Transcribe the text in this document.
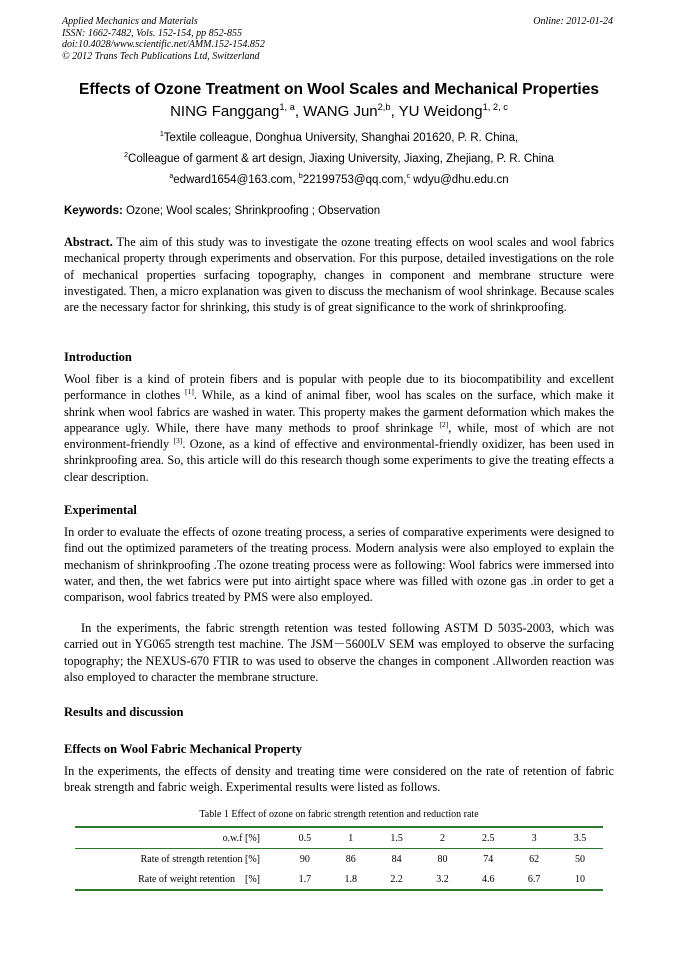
Applied Mechanics and Materials
ISSN: 1662-7482, Vols. 152-154, pp 852-855
doi:10.4028/www.scientific.net/AMM.152-154.852
© 2012 Trans Tech Publications Ltd, Switzerland
Online: 2012-01-24
Effects of Ozone Treatment on Wool Scales and Mechanical Properties
NING Fanggang$^{1, a}$, WANG Jun$^{2,b}$, YU Weidong$^{1, 2, c}$
$^1$Textile colleague, Donghua University, Shanghai 201620, P. R. China,
$^2$Colleague of garment & art design, Jiaxing University, Jiaxing, Zhejiang, P. R. China
$^a$edward1654@163.com, $^b$22199753@qq.com,$^c$ wdyu@dhu.edu.cn
Keywords: Ozone; Wool scales; Shrinkproofing ; Observation

Abstract. The aim of this study was to investigate the ozone treating effects on wool scales and wool fabrics mechanical property through experiments and observation. For this purpose, detailed investigations on the role of mechanical properties surfacing topography, changes in component and membrane structure were investigated. Then, a micro explanation was given to discuss the mechanism of wool shrinkage. Because scales are the necessary factor for shrinking, this study is of great significance to the work of shrinkproofing.

Introduction

Wool fiber is a kind of protein fibers and is popular with people due to its biocompatibility and excellent performance in clothes [1]. While, as a kind of animal fiber, wool has scales on the surface, which make it shrink when wool fabrics are washed in water. This property makes the garment deformation which makes the appearance ugly. While, there have many methods to proof shrinkage [2], while, most of which are not environment-friendly [3]. Ozone, as a kind of effective and environmental-friendly oxidizer, has been used in shrinkproofing area. So, this article will do this research though some experiments to give the treating effects a clear description.

Experimental

In order to evaluate the effects of ozone treating process, a series of comparative experiments were designed to find out the optimized parameters of the treating process. Modern analysis were also employed to explain the mechanism of shrinkproofing .The ozone treating process were as following: Wool fabrics were immersed into water, and then, the wet fabrics were put into airtight space where was filled with ozone gas .in order to get a comparison, wool fabrics treated by PMS were also employed.

In the experiments, the fabric strength retention was tested following ASTM D 5035-2003, which was carried out in YG065 strength test machine. The JSM－5600LV SEM was employed to observe the surfacing topography; the NEXUS-670 FTIR to was used to observe the changes in component .Allworden reaction was also employed to character the membrane structure.

Results and discussion
Effects on Wool Fabric Mechanical Property

In the experiments, the effects of density and treating time were considered on the rate of retention of fabric break strength and fabric weigh. Experimental results were listed as follows.

Table 1 Effect of ozone on fabric strength retention and reduction rate
o.w.f [%]	0.5	1	1.5	2	2.5	3	3.5
Rate of strength retention [%]	90	86	84	80	74	62	50
Rate of weight retention    [%]	1.7	1.8	2.2	3.2	4.6	6.7	10
